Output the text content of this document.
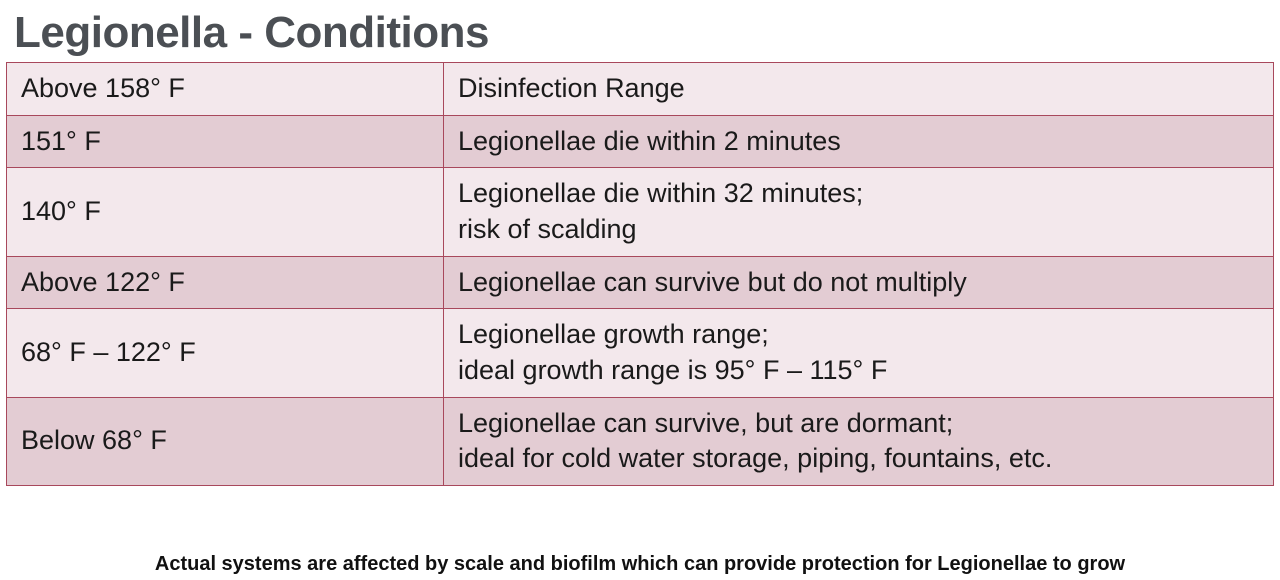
Legionella - Conditions
Above 158° F	Disinfection Range

151° F	Legionellae die within 2 minutes

140° F	Legionellae die within 32 minutes;
risk of scalding

Above 122° F	Legionellae can survive but do not multiply

68° F – 122° F	Legionellae growth range;
ideal growth range is 95° F – 115° F

Below 68° F	Legionellae can survive, but are dormant;
ideal for cold water storage, piping, fountains, etc.
Actual systems are affected by scale and biofilm which can provide protection for Legionellae to grow
